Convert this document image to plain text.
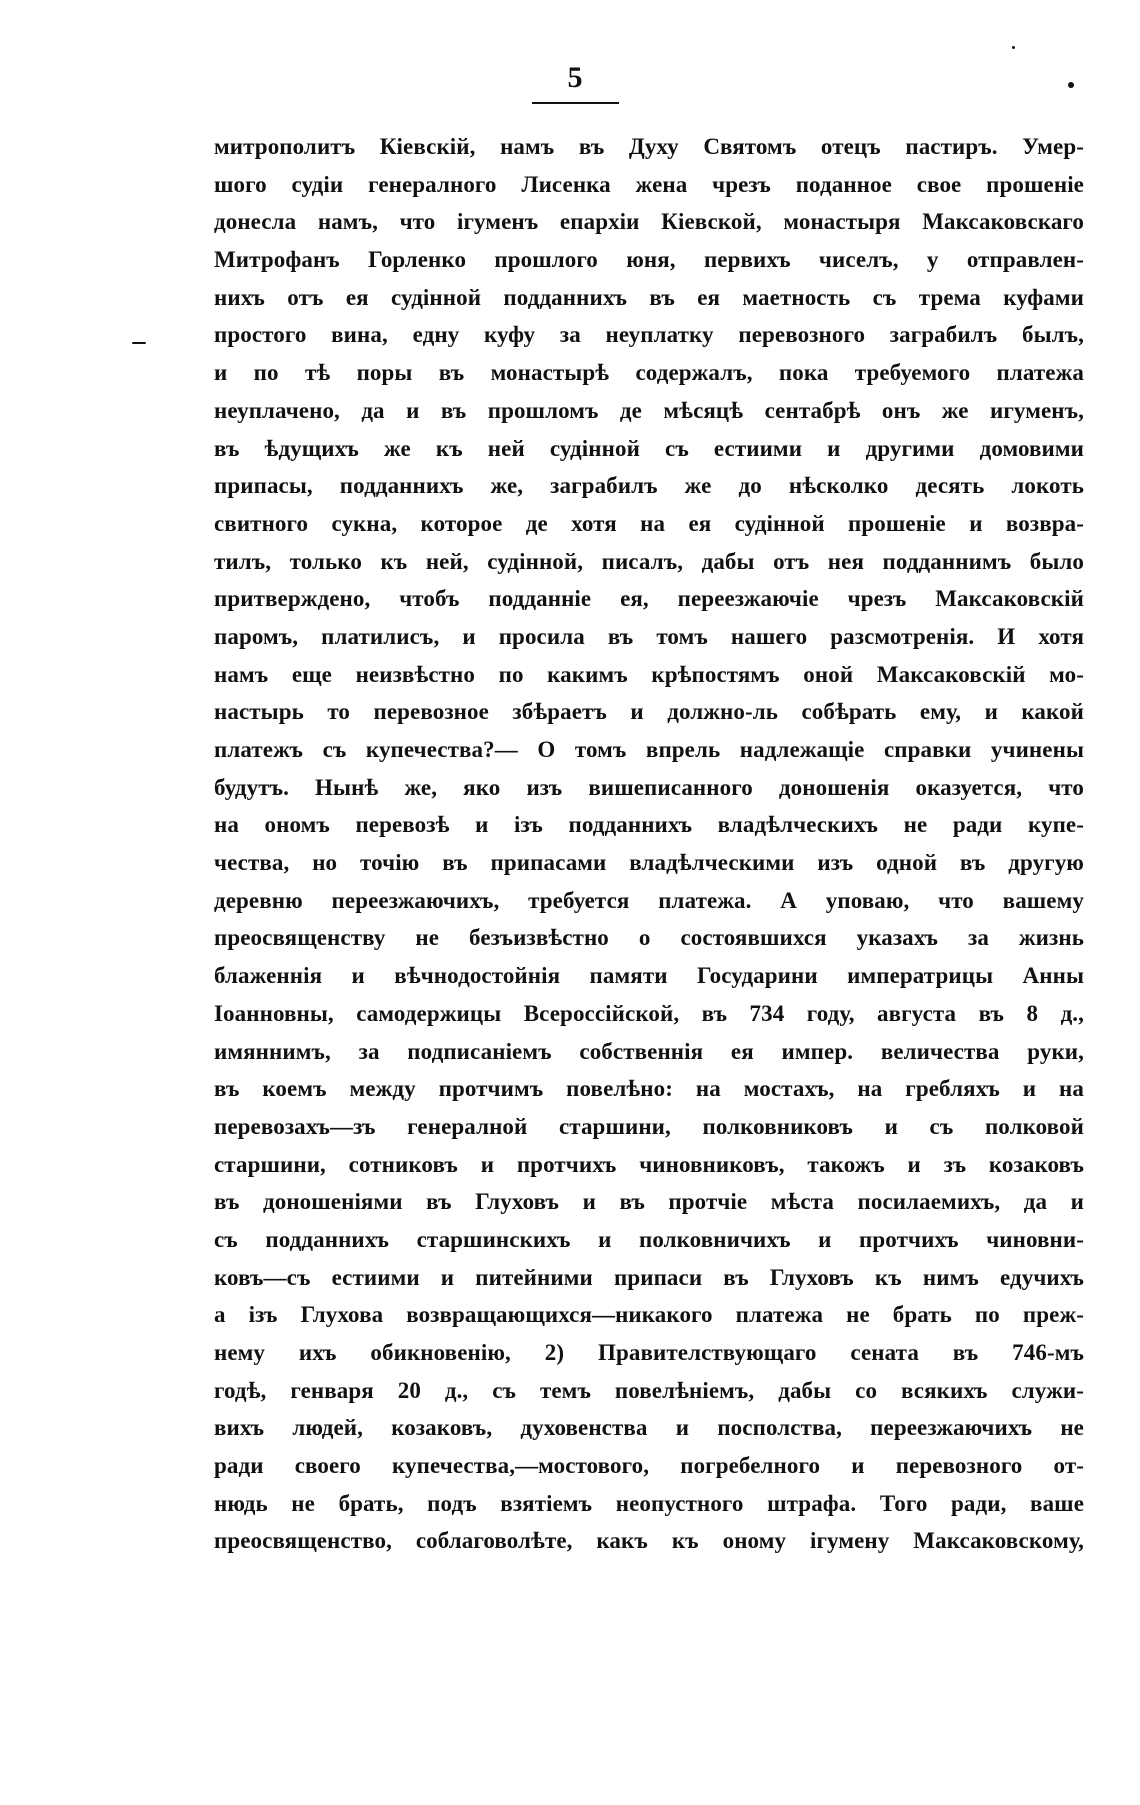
5
митрополитъ Кіевскій, намъ въ Духу Святомъ отецъ пастиръ. Умер-
шого судіи генералного Лисенка жена чрезъ поданное свое прошеніе
донесла намъ, что ігуменъ епархіи Кіевской, монастыря Максаковскаго
Митрофанъ Горленко прошлого юня, первихъ чиселъ, у отправлен-
нихъ отъ ея судінной подданнихъ въ ея маетность съ трема куфами
простого вина, едну куфу за неуплатку перевозного заграбилъ былъ,
и по тѣ поры въ монастырѣ содержалъ, пока требуемого платежа
неуплачено, да и въ прошломъ де мѣсяцѣ сентабрѣ онъ же игуменъ,
въ ѣдущихъ же къ ней судінной съ естиими и другими домовими
припасы, подданнихъ же, заграбилъ же до нѣсколко десять локоть
свитного сукна, которое де хотя на ея судінной прошеніе и возвра-
тилъ, только къ ней, судінной, писалъ, дабы отъ нея подданнимъ было
притверждено, чтобъ подданніе ея, переезжаючіе чрезъ Максаковскій
паромъ, платилисъ, и просила въ томъ нашего разсмотренія. И хотя
намъ еще неизвѣстно по какимъ крѣпостямъ оной Максаковскій мо-
настырь то перевозное збѣраетъ и должно-ль собѣрать ему, и какой
платежъ съ купечества?— О томъ впрель надлежащіе справки учинены
будутъ. Нынѣ же, яко изъ вишеписанного доношенія оказуется, что
на ономъ перевозѣ и ізъ подданнихъ владѣлческихъ не ради купе-
чества, но точію въ припасами владѣлческими изъ одной въ другую
деревню переезжаючихъ, требуется платежа. А уповаю, что вашему
преосвященству не безъизвѣстно о состоявшихся указахъ за жизнь
блаженнія и вѣчнодостойнія памяти Государини императрицы Анны
Іоанновны, самодержицы Всероссійской, въ 734 году, августа въ 8 д.,
имяннимъ, за подписаніемъ собственнія ея импер. величества руки,
въ коемъ между протчимъ повелѣно: на мостахъ, на гребляхъ и на
перевозахъ—зъ генералной старшини, полковниковъ и съ полковой
старшини, сотниковъ и протчихъ чиновниковъ, такожъ и зъ козаковъ
въ доношеніями въ Глуховъ и въ протчіе мѣста посилаемихъ, да и
съ подданнихъ старшинскихъ и полковничихъ и протчихъ чиновни-
ковъ—съ естиими и питейними припаси въ Глуховъ къ нимъ едучихъ
а ізъ Глухова возвращающихся—никакого платежа не брать по преж-
нему ихъ обикновенію, 2) Правителствующаго сената въ 746-мъ
годѣ, генваря 20 д., съ темъ повелѣніемъ, дабы со всякихъ служи-
вихъ людей, козаковъ, духовенства и посполства, переезжаючихъ не
ради своего купечества,—мостового, погребелного и перевозного от-
нюдь не брать, подъ взятіемъ неопустного штрафа. Того ради, ваше
преосвященство, соблаговолѣте, какъ къ оному ігумену Максаковскому,
